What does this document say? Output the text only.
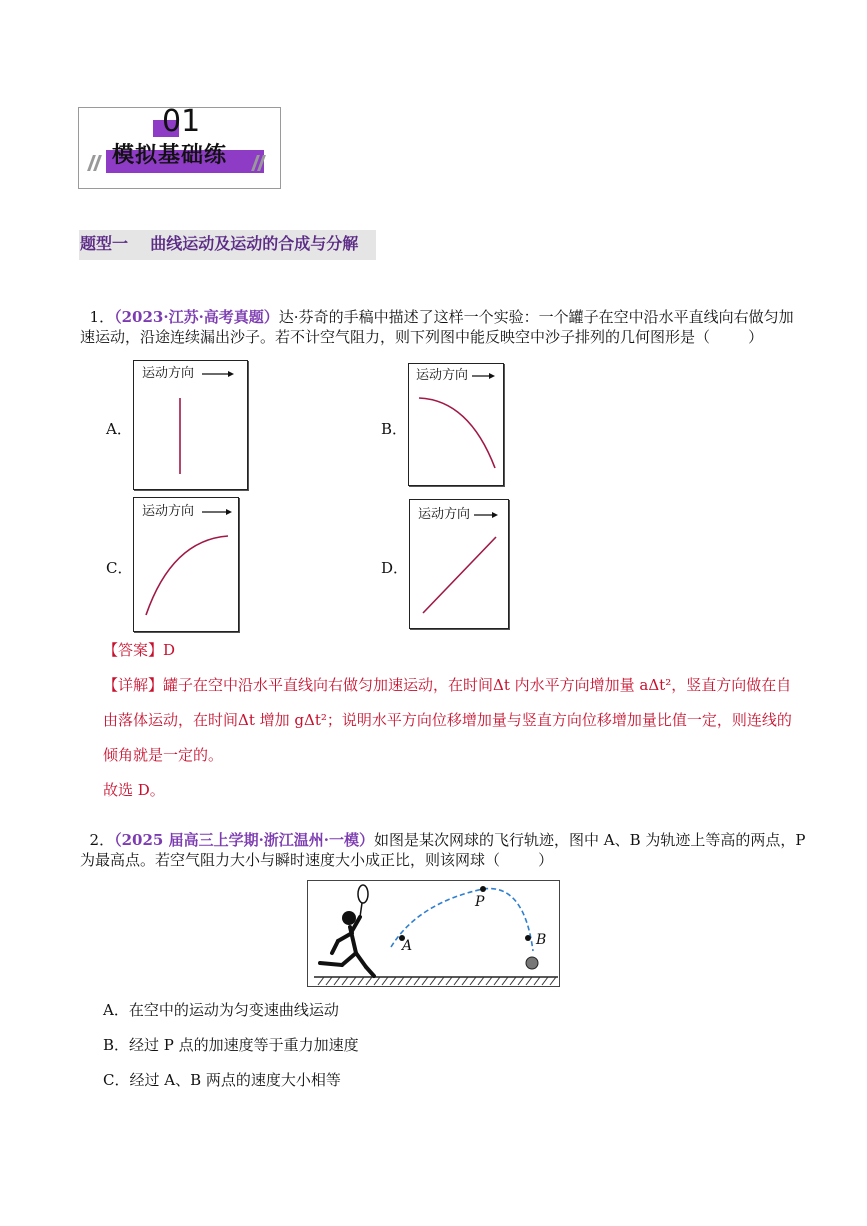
01
模拟基础练
题型一    曲线运动及运动的合成与分解

1．（2023·江苏·高考真题）达·芬奇的手稿中描述了这样一个实验：一个罐子在空中沿水平直线向右做匀加

速运动，沿途连续漏出沙子。若不计空气阻力，则下列图中能反映空中沙子排列的几何图形是（        ）
A．	B．
C．	D．
运动方向	运动方向
运动方向	运动方向
【答案】D
【详解】罐子在空中沿水平直线向右做匀加速运动，在时间Δt 内水平方向增加量 aΔt²，竖直方向做在自
由落体运动，在时间Δt 增加 gΔt²；说明水平方向位移增加量与竖直方向位移增加量比值一定，则连线的
倾角就是一定的。
故选 D。

2．（2025 届高三上学期·浙江温州·一模）如图是某次网球的飞行轨迹，图中 A、B 为轨迹上等高的两点，P

为最高点。若空气阻力大小与瞬时速度大小成正比，则该网球（        ）
A
P
B
A．在空中的运动为匀变速曲线运动
B．经过 P 点的加速度等于重力加速度
C．经过 A、B 两点的速度大小相等
